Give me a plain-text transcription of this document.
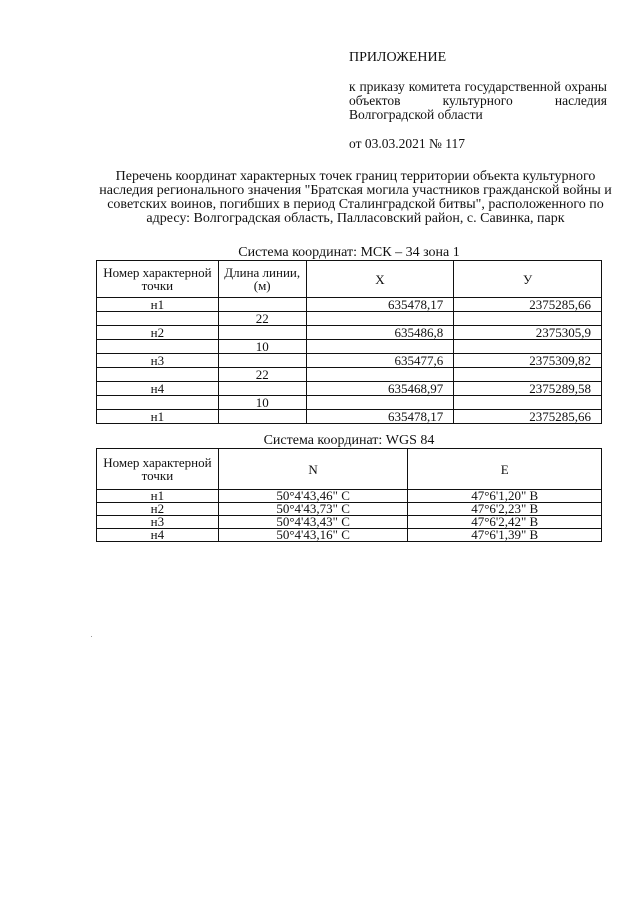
ПРИЛОЖЕНИЕ
к приказу комитета государственной охраны объектов культурного наследия Волгоградской области
от 03.03.2021 № 117
Перечень координат характерных точек границ территории объекта культурного наследия регионального значения "Братская могила участников гражданской войны и советских воинов, погибших в период Сталинградской битвы", расположенного по адресу: Волгоградская область, Палласовский район, с. Савинка, парк
Система координат: МСК – 34 зона 1
Номер характерной точки	Длина линии, (м)	X	У
н1		635478,17	2375285,66
	22		
н2		635486,8	2375305,9
	10		
н3		635477,6	2375309,82
	22		
н4		635468,97	2375289,58
	10		
н1		635478,17	2375285,66
Система координат: WGS 84
Номер характерной точки	N	E
н1	50°4'43,46" С	47°6'1,20" В
н2	50°4'43,73" С	47°6'2,23" В
н3	50°4'43,43" С	47°6'2,42" В
н4	50°4'43,16" С	47°6'1,39" В
